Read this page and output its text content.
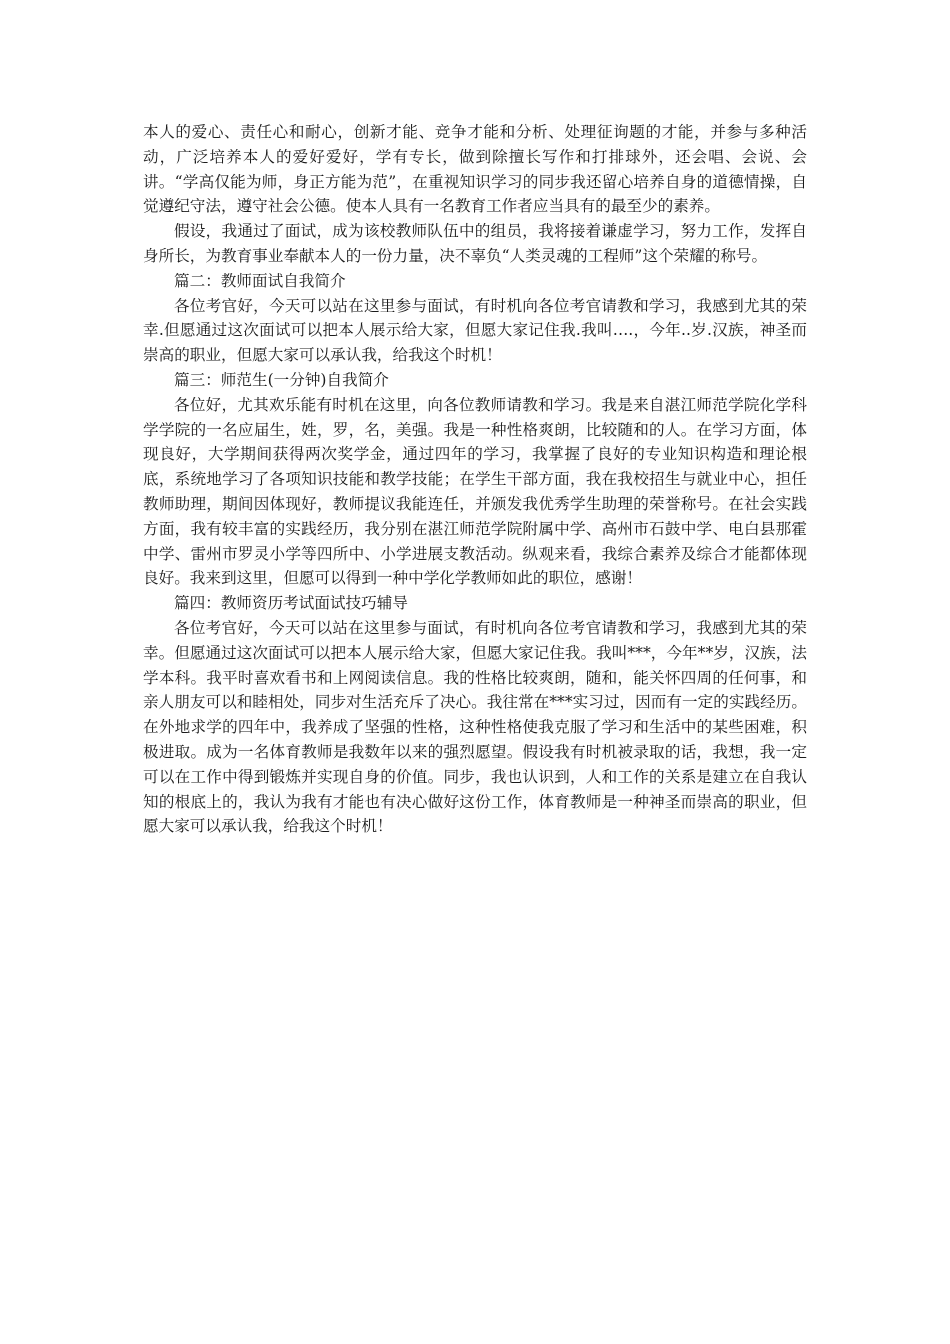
本人的爱心、责任心和耐心，创新才能、竞争才能和分析、处理征询题的才能，并参与多种活动，广泛培养本人的爱好爱好，学有专长，做到除擅长写作和打排球外，还会唱、会说、会讲。“学高仅能为师，身正方能为范”，在重视知识学习的同步我还留心培养自身的道德情操，自觉遵纪守法，遵守社会公德。使本人具有一名教育工作者应当具有的最至少的素养。

假设，我通过了面试，成为该校教师队伍中的组员，我将接着谦虚学习，努力工作，发挥自身所长，为教育事业奉献本人的一份力量，决不辜负“人类灵魂的工程师”这个荣耀的称号。

篇二：教师面试自我简介

各位考官好，今天可以站在这里参与面试，有时机向各位考官请教和学习，我感到尤其的荣幸.但愿通过这次面试可以把本人展示给大家，但愿大家记住我.我叫….，今年..岁.汉族，神圣而崇高的职业，但愿大家可以承认我，给我这个时机！

篇三：师范生(一分钟)自我简介

各位好，尤其欢乐能有时机在这里，向各位教师请教和学习。我是来自湛江师范学院化学科学学院的一名应届生，姓，罗，名，美强。我是一种性格爽朗，比较随和的人。在学习方面，体现良好，大学期间获得两次奖学金，通过四年的学习，我掌握了良好的专业知识构造和理论根底，系统地学习了各项知识技能和教学技能；在学生干部方面，我在我校招生与就业中心，担任教师助理，期间因体现好，教师提议我能连任，并颁发我优秀学生助理的荣誉称号。在社会实践方面，我有较丰富的实践经历，我分别在湛江师范学院附属中学、高州市石鼓中学、电白县那霍中学、雷州市罗灵小学等四所中、小学进展支教活动。纵观来看，我综合素养及综合才能都体现良好。我来到这里，但愿可以得到一种中学化学教师如此的职位，感谢！

篇四：教师资历考试面试技巧辅导

各位考官好，今天可以站在这里参与面试，有时机向各位考官请教和学习，我感到尤其的荣幸。但愿通过这次面试可以把本人展示给大家，但愿大家记住我。我叫***，今年**岁，汉族，法学本科。我平时喜欢看书和上网阅读信息。我的性格比较爽朗，随和，能关怀四周的任何事，和亲人朋友可以和睦相处，同步对生活充斥了决心。我往常在***实习过，因而有一定的实践经历。在外地求学的四年中，我养成了坚强的性格，这种性格使我克服了学习和生活中的某些困难，积极进取。成为一名体育教师是我数年以来的强烈愿望。假设我有时机被录取的话，我想，我一定可以在工作中得到锻炼并实现自身的价值。同步，我也认识到，人和工作的关系是建立在自我认知的根底上的，我认为我有才能也有决心做好这份工作，体育教师是一种神圣而崇高的职业，但愿大家可以承认我，给我这个时机！
